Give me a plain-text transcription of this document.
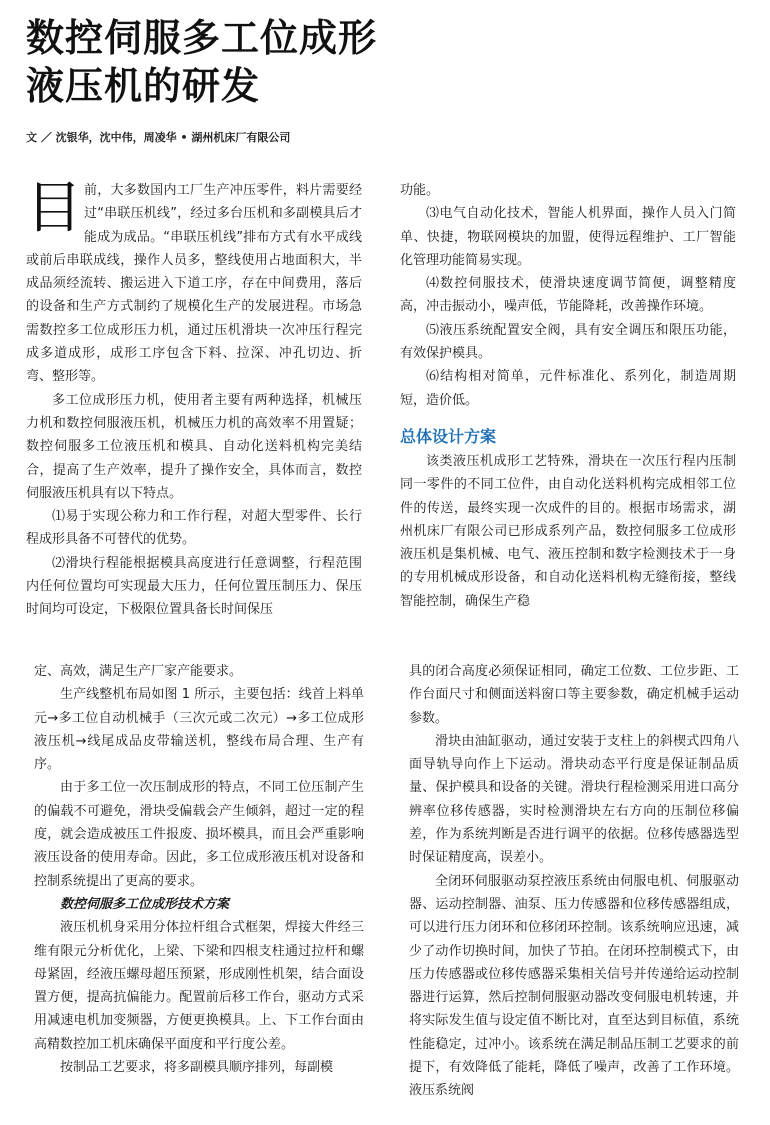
数控伺服多工位成形
液压机的研发
文 ／ 沈银华，沈中伟，周凌华 • 湖州机床厂有限公司

目前，大多数国内工厂生产冲压零件，料片需要经过“串联压机线”，经过多台压机和多副模具后才能成为成品。“串联压机线”排布方式有水平成线或前后串联成线，操作人员多，整线使用占地面积大，半成品须经流转、搬运进入下道工序，存在中间费用，落后的设备和生产方式制约了规模化生产的发展进程。市场急需数控多工位成形压力机，通过压机滑块一次冲压行程完成多道成形，成形工序包含下料、拉深、冲孔切边、折弯、整形等。

多工位成形压力机，使用者主要有两种选择，机械压力机和数控伺服液压机，机械压力机的高效率不用置疑；数控伺服多工位液压机和模具、自动化送料机构完美结合，提高了生产效率，提升了操作安全，具体而言，数控伺服液压机具有以下特点。

⑴易于实现公称力和工作行程，对超大型零件、长行程成形具备不可替代的优势。

⑵滑块行程能根据模具高度进行任意调整，行程范围内任何位置均可实现最大压力，任何位置压制压力、保压时间均可设定，下极限位置具备长时间保压

功能。

⑶电气自动化技术，智能人机界面，操作人员入门简单、快捷，物联网模块的加盟，使得远程维护、工厂智能化管理功能简易实现。

⑷数控伺服技术，使滑块速度调节简便，调整精度高，冲击振动小，噪声低，节能降耗，改善操作环境。

⑸液压系统配置安全阀，具有安全调压和限压功能，有效保护模具。

⑹结构相对简单，元件标准化、系列化，制造周期短，造价低。

总体设计方案

该类液压机成形工艺特殊，滑块在一次压行程内压制同一零件的不同工位件，由自动化送料机构完成相邻工位件的传送，最终实现一次成件的目的。根据市场需求，湖州机床厂有限公司已形成系列产品，数控伺服多工位成形液压机是集机械、电气、液压控制和数字检测技术于一身的专用机械成形设备，和自动化送料机构无缝衔接，整线智能控制，确保生产稳

定、高效，满足生产厂家产能要求。

生产线整机布局如图 1 所示，主要包括：线首上料单元→多工位自动机械手（三次元或二次元）→多工位成形液压机→线尾成品皮带输送机，整线布局合理、生产有序。

由于多工位一次压制成形的特点，不同工位压制产生的偏载不可避免，滑块受偏载会产生倾斜，超过一定的程度，就会造成被压工件报废、损坏模具，而且会严重影响液压设备的使用寿命。因此，多工位成形液压机对设备和控制系统提出了更高的要求。

数控伺服多工位成形技术方案

液压机机身采用分体拉杆组合式框架，焊接大件经三维有限元分析优化，上梁、下梁和四根支柱通过拉杆和螺母紧固，经液压螺母超压预紧，形成刚性机架，结合面设置方便，提高抗偏能力。配置前后移工作台，驱动方式采用减速电机加变频器，方便更换模具。上、下工作台面由高精数控加工机床确保平面度和平行度公差。

按制品工艺要求，将多副模具顺序排列，每副模

具的闭合高度必须保证相同，确定工位数、工位步距、工作台面尺寸和侧面送料窗口等主要参数，确定机械手运动参数。

滑块由油缸驱动，通过安装于支柱上的斜楔式四角八面导轨导向作上下运动。滑块动态平行度是保证制品质量、保护模具和设备的关键。滑块行程检测采用进口高分辨率位移传感器，实时检测滑块左右方向的压制位移偏差，作为系统判断是否进行调平的依据。位移传感器选型时保证精度高，误差小。

全闭环伺服驱动泵控液压系统由伺服电机、伺服驱动器、运动控制器、油泵、压力传感器和位移传感器组成，可以进行压力闭环和位移闭环控制。该系统响应迅速，减少了动作切换时间，加快了节拍。在闭环控制模式下，由压力传感器或位移传感器采集相关信号并传递给运动控制器进行运算，然后控制伺服驱动器改变伺服电机转速，并将实际发生值与设定值不断比对，直至达到目标值，系统性能稳定，过冲小。该系统在满足制品压制工艺要求的前提下，有效降低了能耗，降低了噪声，改善了工作环境。液压系统阀
